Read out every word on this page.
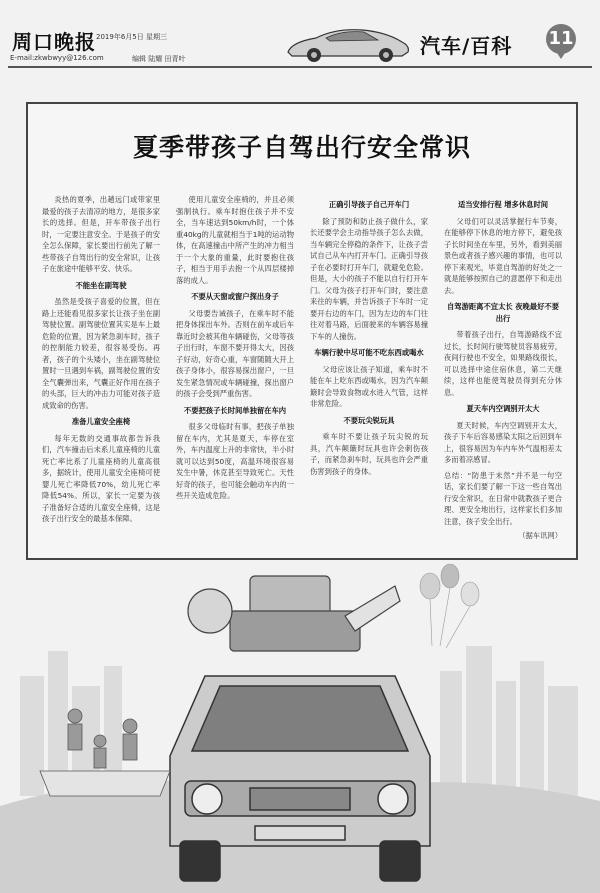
周口晚报
E-mail:zkwbwyy@126.com
2019年6月5日 星期三
编辑 陆耀 田青叶
汽车/百科 11
夏季带孩子自驾出行安全常识

炎热的夏季，出趟远门或带家里最爱的孩子去清凉的地方，是很多家长的选择。但是，开车带孩子出行时，一定要注意安全。于是孩子的安全怎么保障，家长要出行前先了解一些带孩子自驾出行的安全常识，让孩子在旅途中能够平安、快乐。

不能坐在副驾驶

虽然是受孩子喜爱的位置，但在路上还能看见很多家长让孩子坐在副驾驶位置。副驾驶位置其实是车上最危险的位置，因为紧急刹车时，孩子的控制能力较差，很容易受伤。再者，孩子的个头矮小，坐在副驾驶位置时一旦遇到车祸，副驾驶位置的安全气囊弹出来，气囊正好作用在孩子的头部，巨大的冲击力可能对孩子造成致命的伤害。

准备儿童安全座椅

每年无数的交通事故都告诉我们，汽车撞击后未系儿童座椅的儿童死亡率比系了儿童座椅的儿童高很多，据统计，使用儿童安全座椅可使婴儿死亡率降低70%，幼儿死亡率降低54%。所以，家长一定要为孩子准备好合适的儿童安全座椅，这是孩子出行安全的最基本保障。

使用儿童安全座椅的，并且必须强制执行。乘车时抱住孩子并不安全，当车速达到50km/h时，一个体重40kg的儿童就相当于1吨的运动物体，在高速撞击中所产生的冲力相当于一个大象的重量，此时要抱住孩子，相当于用手去抱一个从四层楼掉落的成人。

不要从天窗或窗户探出身子

父母要告诫孩子，在乘车时不能把身体探出车外。否则在前车或后车靠近时会被其他车辆碰伤，父母等孩子出行时，车窗不要开得太大，因孩子好动，好奇心重，车窗随随大开上孩子身体小，很容易探出窗户，一旦发生紧急情况或车辆碰撞，探出窗户的孩子会受到严重伤害。

不要把孩子长时间单独留在车内

很多父母临时有事，把孩子单独留在车内，尤其是夏天，车停在室外，车内温度上升的非常快，半小时就可以达到50度，高温环境很容易发生中暑，休克甚至导致死亡。天性好奇的孩子，也可能会触动车内的一些开关造成危险。

正确引导孩子自己开车门

除了预防和防止孩子做什么，家长还要学会主动指导孩子怎么去做，当车辆完全停稳的条件下，让孩子尝试自己从车内打开车门。正确引导孩子在必要时打开车门，就避免危险。但是，大小的孩子不能以自行打开车门。父母为孩子打开车门时，要注意来往的车辆，并告诉孩子下车时一定要开右边的车门，因为左边的车门往往对着马路，后面驶来的车辆容易撞下车的人撞伤。

车辆行驶中尽可能不吃东西或喝水

父母应该让孩子知道，乘车时不能在车上吃东西或喝水，因为汽车颠簸时会导致食物或水进入气管，这样非常危险。

不要玩尖锐玩具

乘车时不要让孩子玩尖锐的玩具，汽车颠簸时玩具也许会刺伤孩子，而紧急刹车时，玩具也许会严重伤害到孩子的身体。

适当安排行程 增多休息时间

父母们可以灵活掌握行车节奏，在能够停下休息的地方停下，避免孩子长时间坐在车里，另外，看到美丽景色或者孩子感兴趣的事情，也可以停下来观光，毕竟自驾游的好处之一就是能够按照自己的意愿停下和走出去。

自驾游距离不宜太长 夜晚最好不要出行

带着孩子出行，自驾游路线不宜过长，长时间行驶驾驶员容易疲劳，夜间行驶也不安全，如果路线很长，可以选择中途住宿休息，第二天继续，这样也能使驾驶员得到充分休息。

夏天车内空调别开太大

夏天时候，车内空调别开太大，孩子下车后容易感染太阳之后回到车上，很容易因为车内车外气温相差太多而着凉感冒。

总结：“防患于未然”并不是一句空话，家长们要了解一下这一些自驾出行安全常识，在日常中就教孩子更合理、更安全地出行，这样家长们多加注意，孩子安全出行。

（据车讯网）
